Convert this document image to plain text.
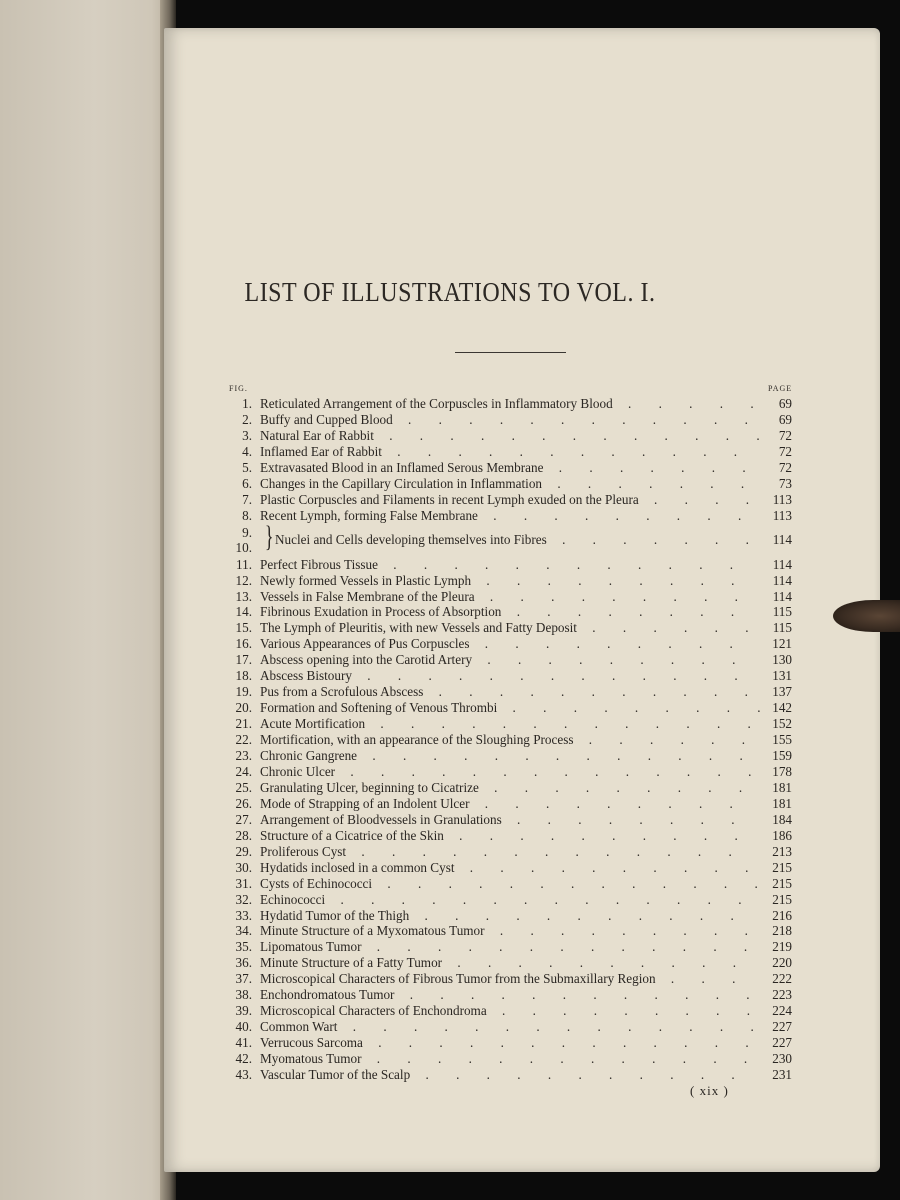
LIST OF ILLUSTRATIONS TO VOL. I.
FIG.	PAGE
1. Reticulated Arrangement of the Corpuscles in Inflammatory Blood . . .	69
2. Buffy and Cupped Blood . . .	69
3. Natural Ear of Rabbit . . .	72
4. Inflamed Ear of Rabbit . . .	72
5. Extravasated Blood in an Inflamed Serous Membrane . . .	72
6. Changes in the Capillary Circulation in Inflammation . . .	73
7. Plastic Corpuscles and Filaments in recent Lymph exuded on the Pleura . . .	113
8. Recent Lymph, forming False Membrane . . .	113
9.
10. } Nuclei and Cells developing themselves into Fibres . . .	114
11. Perfect Fibrous Tissue . . .	114
12. Newly formed Vessels in Plastic Lymph . . .	114
13. Vessels in False Membrane of the Pleura . . .	114
14. Fibrinous Exudation in Process of Absorption . . .	115
15. The Lymph of Pleuritis, with new Vessels and Fatty Deposit . . .	115
16. Various Appearances of Pus Corpuscles . . .	121
17. Abscess opening into the Carotid Artery . . .	130
18. Abscess Bistoury . . .	131
19. Pus from a Scrofulous Abscess . . .	137
20. Formation and Softening of Venous Thrombi . . .	142
21. Acute Mortification . . .	152
22. Mortification, with an appearance of the Sloughing Process . . .	155
23. Chronic Gangrene . . .	159
24. Chronic Ulcer . . .	178
25. Granulating Ulcer, beginning to Cicatrize . . .	181
26. Mode of Strapping of an Indolent Ulcer . . .	181
27. Arrangement of Bloodvessels in Granulations . . .	184
28. Structure of a Cicatrice of the Skin . . .	186
29. Proliferous Cyst . . .	213
30. Hydatids inclosed in a common Cyst . . .	215
31. Cysts of Echinococci . . .	215
32. Echinococci . . .	215
33. Hydatid Tumor of the Thigh . . .	216
34. Minute Structure of a Myxomatous Tumor . . .	218
35. Lipomatous Tumor . . .	219
36. Minute Structure of a Fatty Tumor . . .	220
37. Microscopical Characters of Fibrous Tumor from the Submaxillary Region . . .	222
38. Enchondromatous Tumor . . .	223
39. Microscopical Characters of Enchondroma . . .	224
40. Common Wart . . .	227
41. Verrucous Sarcoma . . .	227
42. Myomatous Tumor . . .	230
43. Vascular Tumor of the Scalp . . .	231
( xix )
